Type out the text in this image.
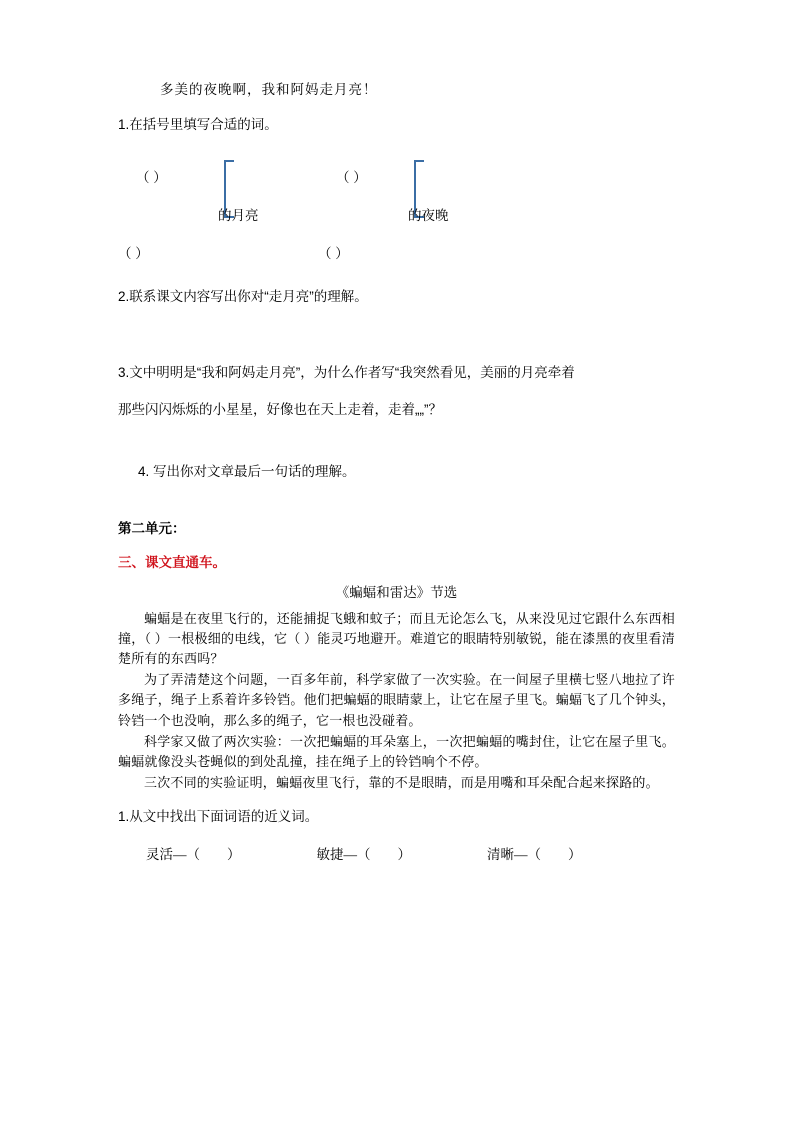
多美的夜晚啊，我和阿妈走月亮！
1.在括号里填写合适的词。
（ ）	（ ）
的月亮	的夜晚
（ ）	（ ）
2.联系课文内容写出你对“走月亮”的理解。
3.文中明明是“我和阿妈走月亮”，为什么作者写“我突然看见，美丽的月亮牵着
那些闪闪烁烁的小星星，好像也在天上走着，走着„„”？
4. 写出你对文章最后一句话的理解。
第二单元：
三、课文直通车。
《蝙蝠和雷达》节选

蝙蝠是在夜里飞行的，还能捕捉飞蛾和蚊子；而且无论怎么飞，从来没见过它跟什么东西相撞，（ ）一根极细的电线，它（ ）能灵巧地避开。难道它的眼睛特别敏锐，能在漆黑的夜里看清楚所有的东西吗？

为了弄清楚这个问题，一百多年前，科学家做了一次实验。在一间屋子里横七竖八地拉了许多绳子，绳子上系着许多铃铛。他们把蝙蝠的眼睛蒙上，让它在屋子里飞。蝙蝠飞了几个钟头，铃铛一个也没响，那么多的绳子，它一根也没碰着。

科学家又做了两次实验：一次把蝙蝠的耳朵塞上，一次把蝙蝠的嘴封住，让它在屋子里飞。蝙蝠就像没头苍蝇似的到处乱撞，挂在绳子上的铃铛响个不停。

三次不同的实验证明，蝙蝠夜里飞行，靠的不是眼睛，而是用嘴和耳朵配合起来探路的。

1.从文中找出下面词语的近义词。
灵活—（        ）	敏捷—（        ）	清晰—（        ）
